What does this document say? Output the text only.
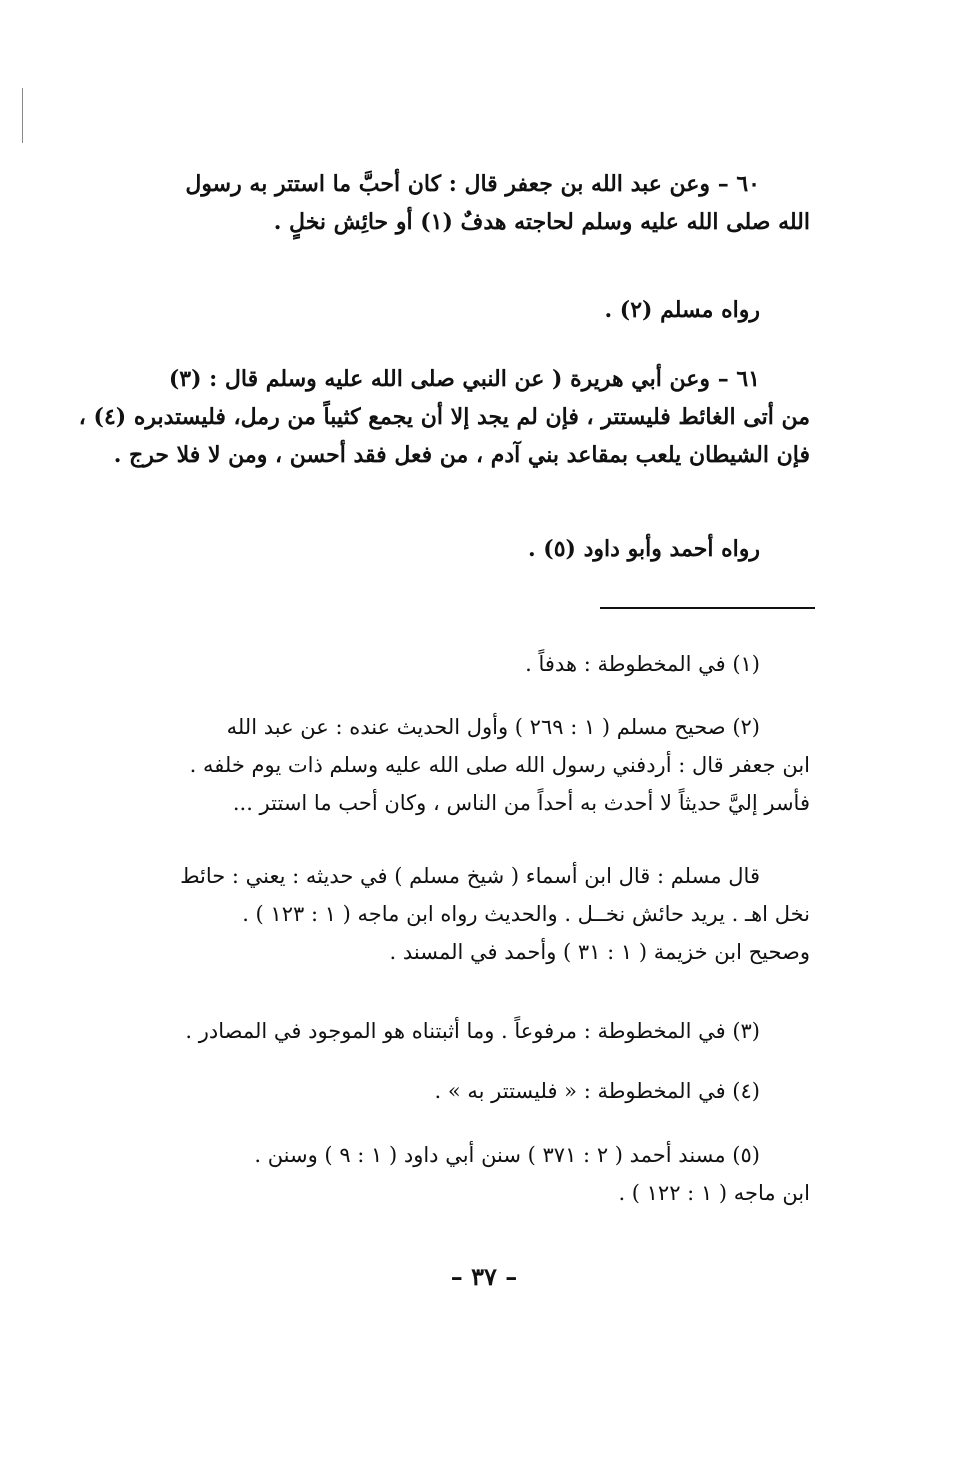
٦٠ – وعن عبد الله بن جعفر قال : كان أحبَّ ما استتر به رسول
الله صلى الله عليه وسلم لحاجته هدفٌ (١) أو حائِش نخلٍ .
رواه مسلم (٢) .
٦١ – وعن أبي هريرة ( عن النبي صلى الله عليه وسلم قال : (٣)
من أتى الغائط فليستتر ، فإن لم يجد إلا أن يجمع كثيباً من رمل، فليستدبره (٤) ،
فإن الشيطان يلعب بمقاعد بني آدم ، من فعل فقد أحسن ، ومن لا فلا حرج .
رواه أحمد وأبو داود (٥) .
(١) في المخطوطة : هدفاً .
(٢) صحيح مسلم ( ١ : ٢٦٩ ) وأول الحديث عنده : عن عبد الله
ابن جعفر قال : أردفني رسول الله صلى الله عليه وسلم ذات يوم خلفه .
فأسر إليَّ حديثاً لا أحدث به أحداً من الناس ، وكان أحب ما استتر ...
قال مسلم : قال ابن أسماء ( شيخ مسلم ) في حديثه : يعني : حائط
نخل اهـ . يريد حائش نخــل . والحديث رواه ابن ماجه ( ١ : ١٢٣ ) .
وصحيح ابن خزيمة ( ١ : ٣١ ) وأحمد في المسند .
(٣) في المخطوطة : مرفوعاً . وما أثبتناه هو الموجود في المصادر .
(٤) في المخطوطة : « فليستتر به » .
(٥) مسند أحمد ( ٢ : ٣٧١ ) سنن أبي داود ( ١ : ٩ ) وسنن .
ابن ماجه ( ١ : ١٢٢ ) .
– ٣٧ –
